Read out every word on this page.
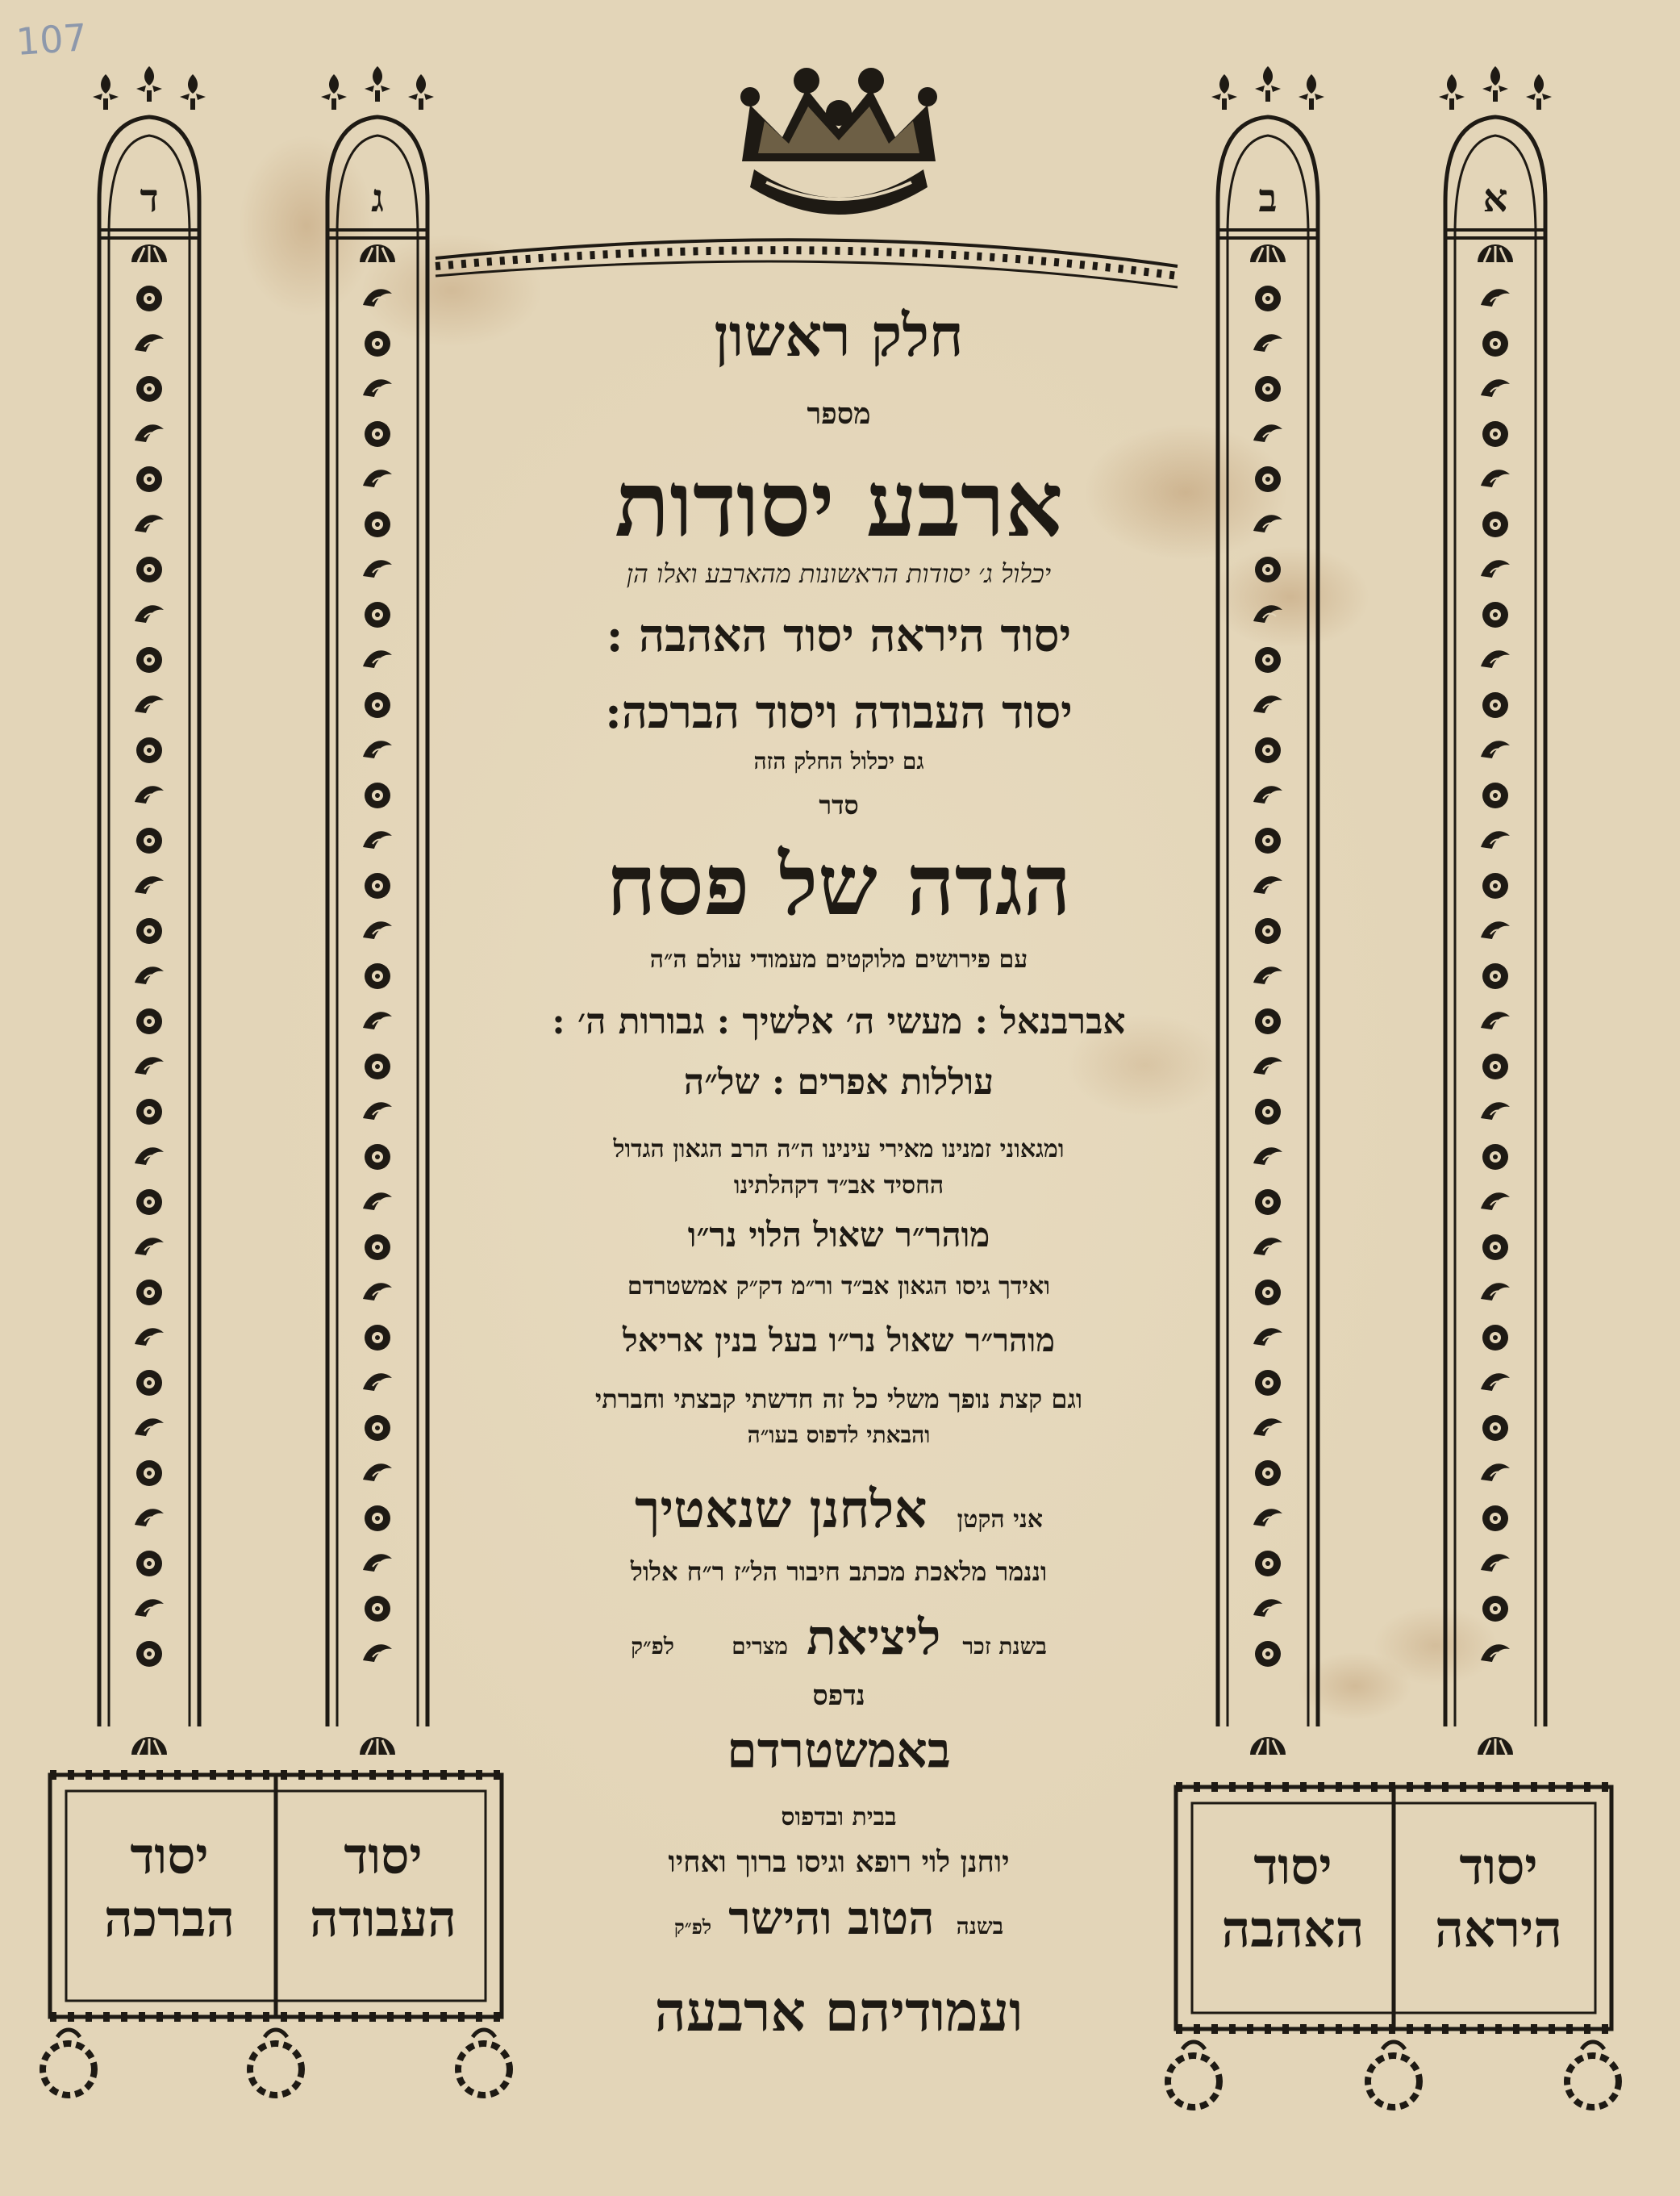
107
א
ב
ג
ד
יסוד
היראה
יסוד
האהבה
יסוד
העבודה
יסוד
הברכה
חלק ראשון
מספר
ארבע יסודות
יכלול ג׳ יסודות הראשונות מהארבע ואלו הן
יסוד היראה יסוד האהבה :
יסוד העבודה ויסוד הברכה:
גם יכלול החלק הזה
סדר
הגדה של פסח
עם פירושים מלוקטים מעמודי עולם ה״ה
אברבנאל : מעשי ה׳ אלשיך : גבורות ה׳ :
עוללות אפרים : של״ה
ומגאוני זמנינו מאירי עינינו ה״ה הרב הגאון הגדול
החסיד אב״ד דקהלתינו
מוהר״ר שאול הלוי נר״ו
ואידך גיסו הגאון אב״ד ור״מ דק״ק אמשטרדם
מוהר״ר שאול נר״ו בעל בנין אריאל
וגם קצת נופך משלי כל זה חדשתי קבצתי וחברתי
והבאתי לדפוס בעו״ה
אני הקטן  אלחנן שנאטיך
וננמר מלאכת מכתב חיבור הל״ז ר״ח אלול
בשנת זכר  ליציאת  מצרים  לפ״ק
נדפס
באמשטרדם
בבית ובדפוס
יוחנן לוי רופא וגיסו ברוך ואחיו
בשנה  הטוב והישר  לפ״ק
ועמודיהם ארבעה
